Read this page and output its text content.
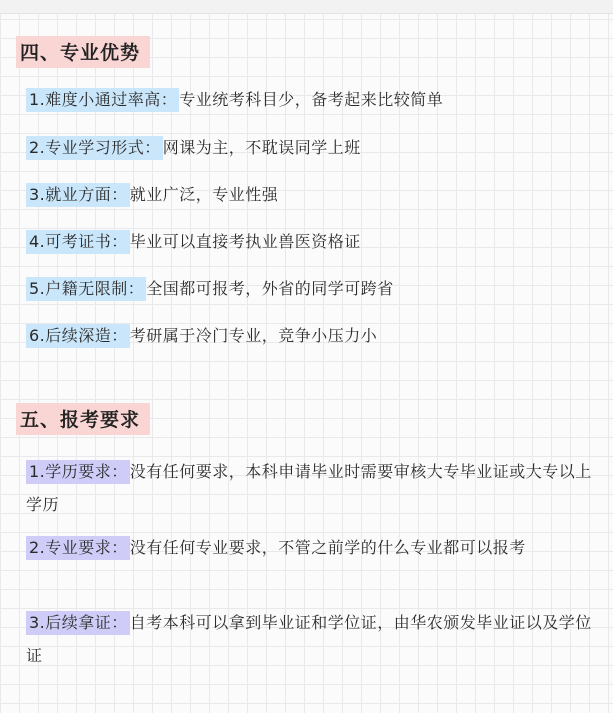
四、专业优势
1.难度小通过率高： 专业统考科目少，备考起来比较简单
2.专业学习形式： 网课为主，不耽误同学上班
3.就业方面： 就业广泛，专业性强
4.可考证书： 毕业可以直接考执业兽医资格证
5.户籍无限制： 全国都可报考，外省的同学可跨省
6.后续深造： 考研属于冷门专业，竞争小压力小
五、报考要求
1.学历要求： 没有任何要求，本科申请毕业时需要审核大专毕业证或大专以上学历
2.专业要求： 没有任何专业要求，不管之前学的什么专业都可以报考
3.后续拿证： 自考本科可以拿到毕业证和学位证，由华农颁发毕业证以及学位证
